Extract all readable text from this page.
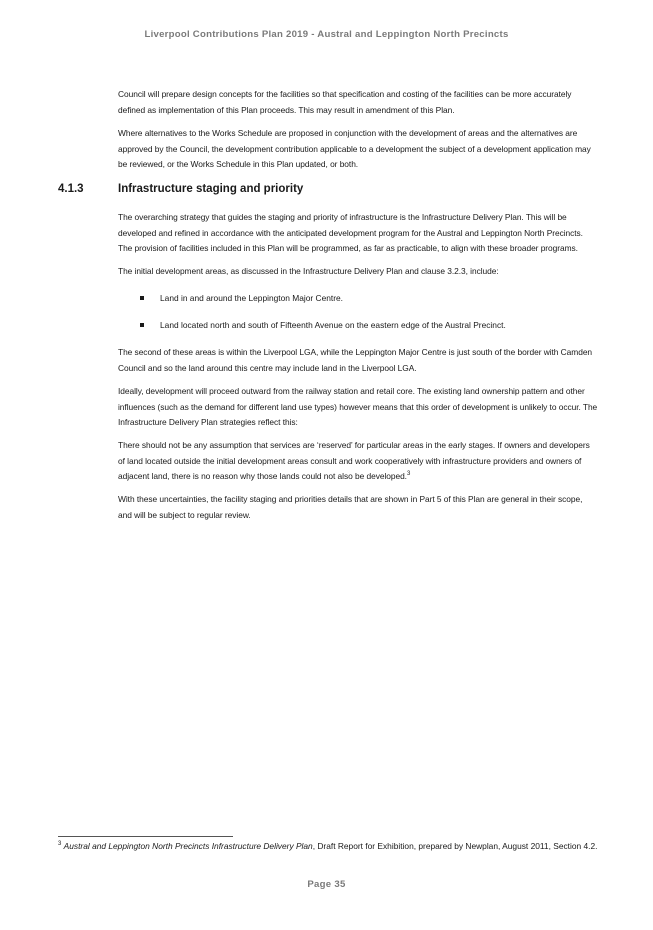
Liverpool Contributions Plan 2019 - Austral and Leppington North Precincts

Council will prepare design concepts for the facilities so that specification and costing of the facilities can be more accurately defined as implementation of this Plan proceeds. This may result in amendment of this Plan.

Where alternatives to the Works Schedule are proposed in conjunction with the development of areas and the alternatives are approved by the Council, the development contribution applicable to a development the subject of a development application may be reviewed, or the Works Schedule in this Plan updated, or both.

4.1.3	Infrastructure staging and priority

The overarching strategy that guides the staging and priority of infrastructure is the Infrastructure Delivery Plan. This will be developed and refined in accordance with the anticipated development program for the Austral and Leppington North Precincts. The provision of facilities included in this Plan will be programmed, as far as practicable, to align with these broader programs.

The initial development areas, as discussed in the Infrastructure Delivery Plan and clause 3.2.3, include:

Land in and around the Leppington Major Centre.
Land located north and south of Fifteenth Avenue on the eastern edge of the Austral Precinct.

The second of these areas is within the Liverpool LGA, while the Leppington Major Centre is just south of the border with Camden Council and so the land around this centre may include land in the Liverpool LGA.

Ideally, development will proceed outward from the railway station and retail core. The existing land ownership pattern and other influences (such as the demand for different land use types) however means that this order of development is unlikely to occur. The Infrastructure Delivery Plan strategies reflect this:

There should not be any assumption that services are ‘reserved’ for particular areas in the early stages. If owners and developers of land located outside the initial development areas consult and work cooperatively with infrastructure providers and owners of adjacent land, there is no reason why those lands could not also be developed.$^3$

With these uncertainties, the facility staging and priorities details that are shown in Part 5 of this Plan are general in their scope, and will be subject to regular review.

$^3$ Austral and Leppington North Precincts Infrastructure Delivery Plan, Draft Report for Exhibition, prepared by Newplan, August 2011, Section 4.2.

Page 35
